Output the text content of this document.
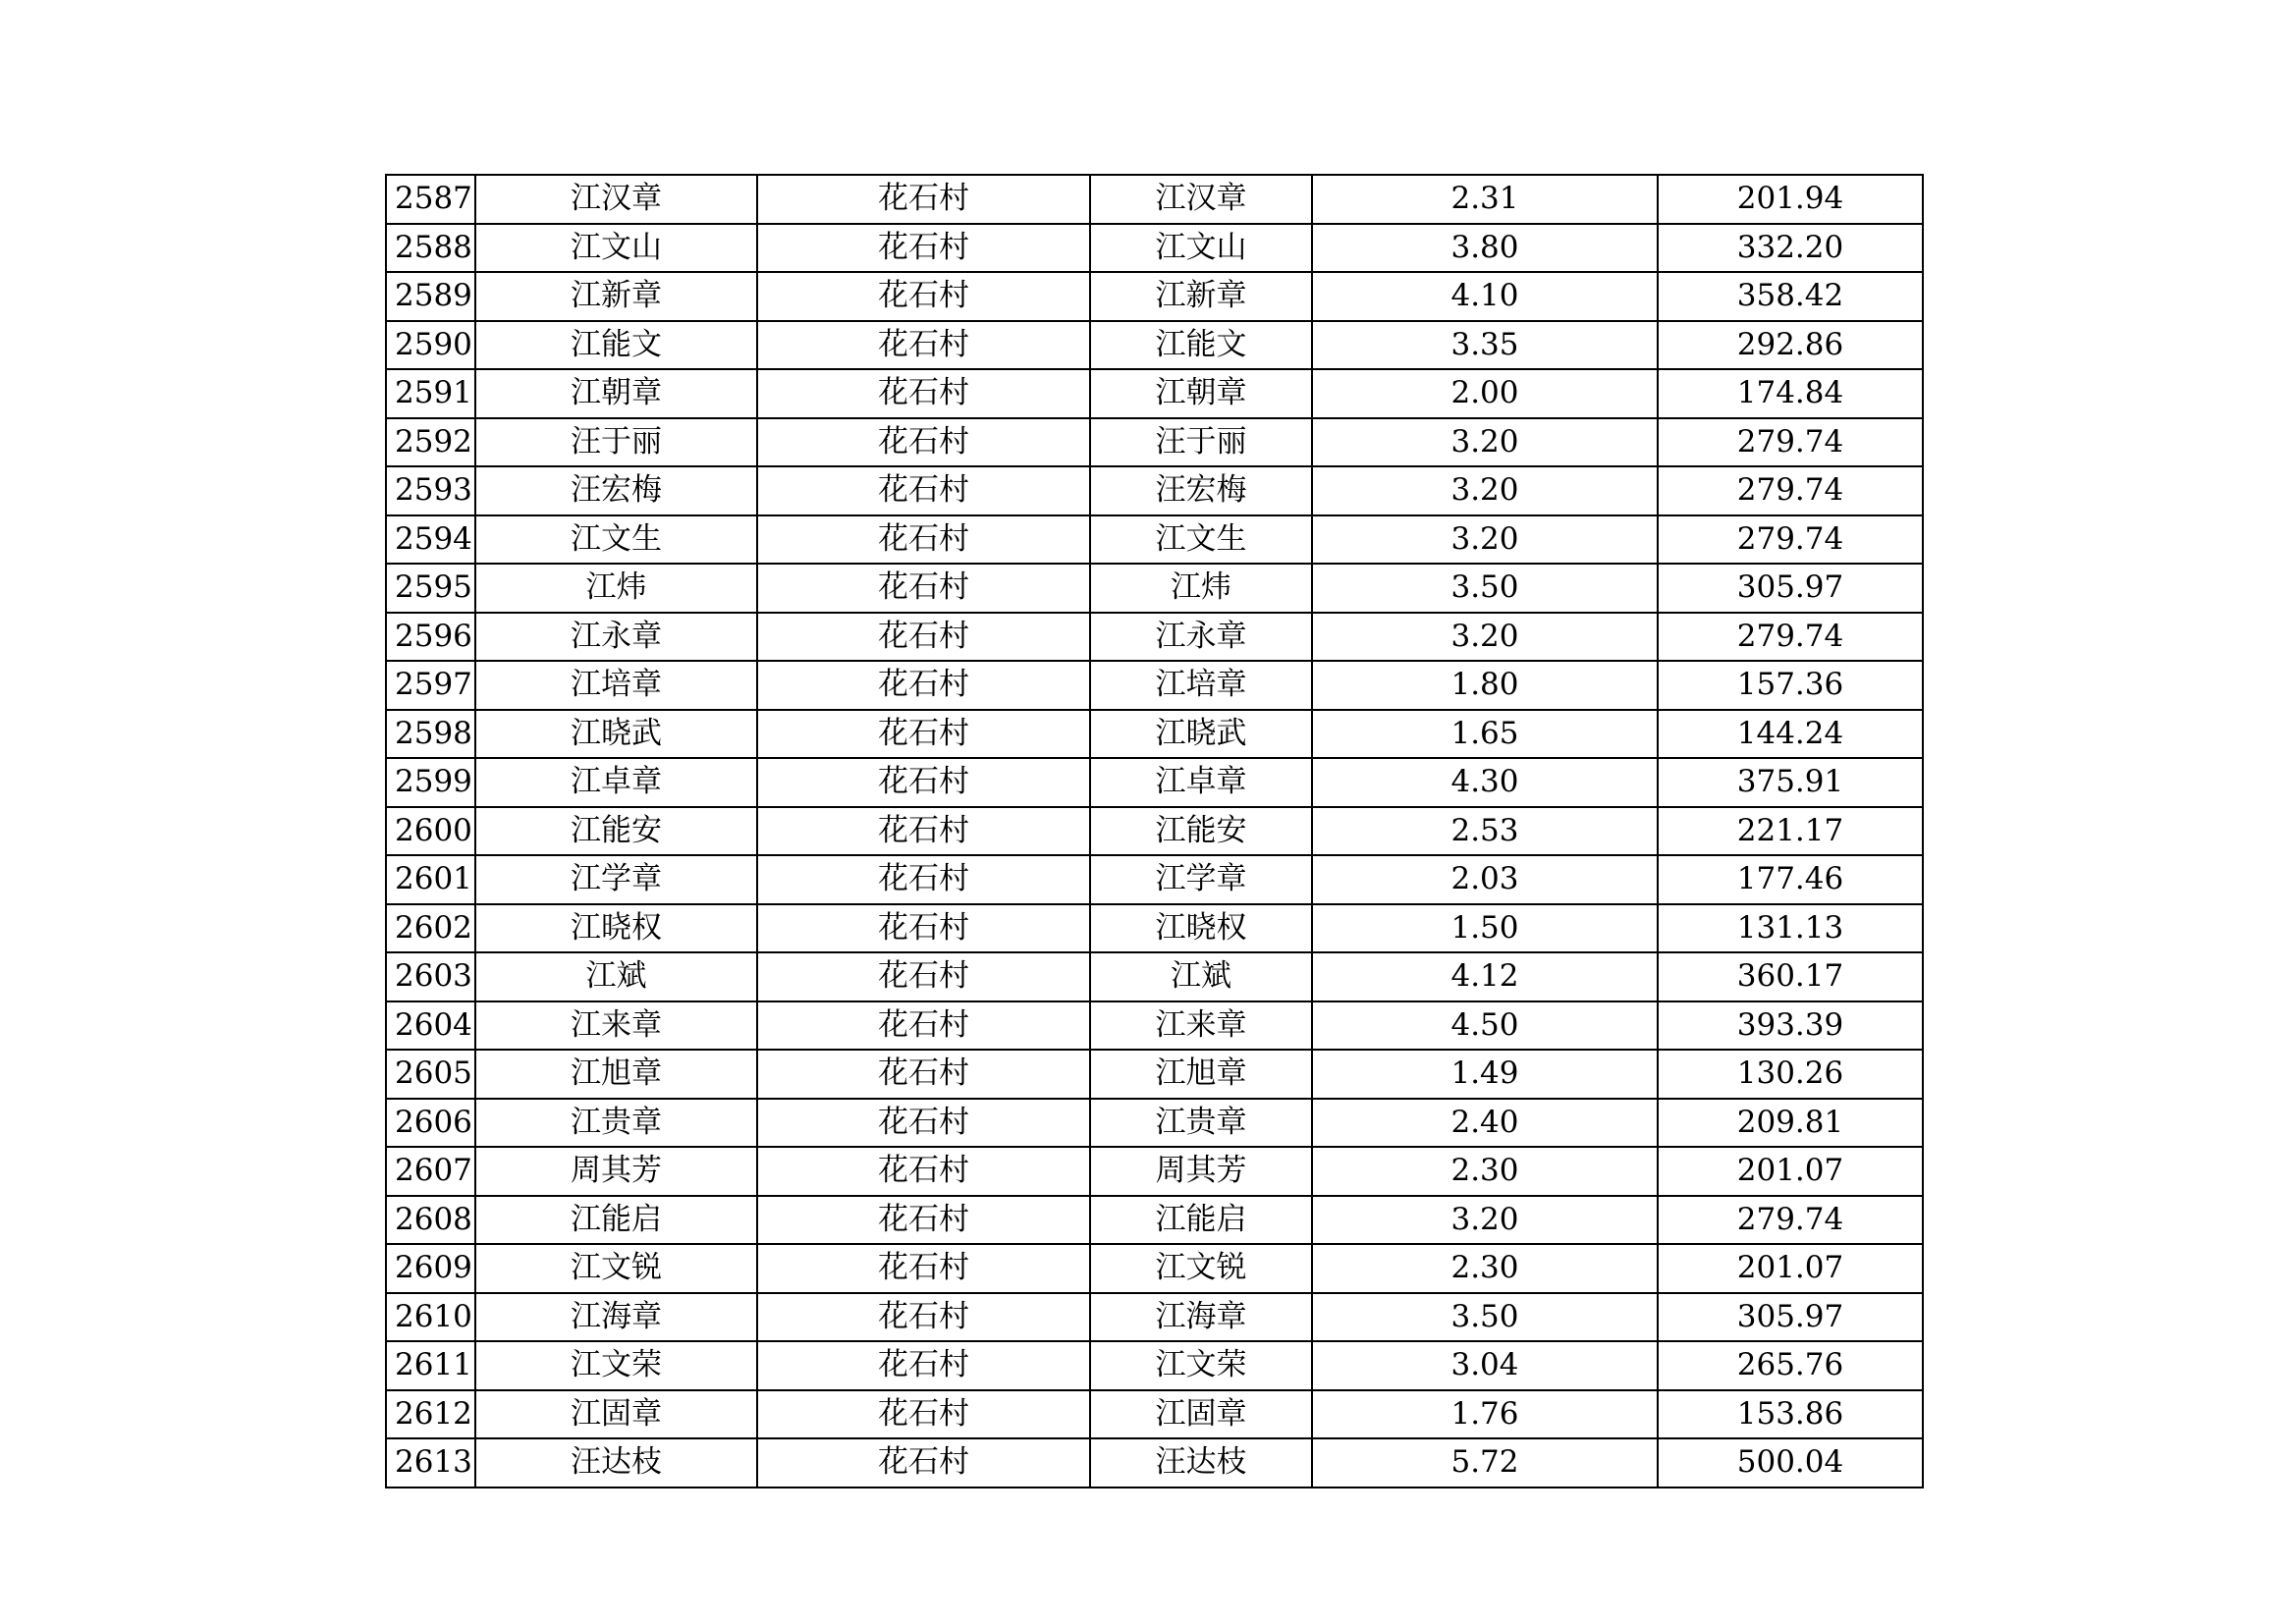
2587	江汉章	花石村	江汉章	2.31	201.94
2588	江文山	花石村	江文山	3.80	332.20
2589	江新章	花石村	江新章	4.10	358.42
2590	江能文	花石村	江能文	3.35	292.86
2591	江朝章	花石村	江朝章	2.00	174.84
2592	汪于丽	花石村	汪于丽	3.20	279.74
2593	汪宏梅	花石村	汪宏梅	3.20	279.74
2594	江文生	花石村	江文生	3.20	279.74
2595	江炜	花石村	江炜	3.50	305.97
2596	江永章	花石村	江永章	3.20	279.74
2597	江培章	花石村	江培章	1.80	157.36
2598	江晓武	花石村	江晓武	1.65	144.24
2599	江卓章	花石村	江卓章	4.30	375.91
2600	江能安	花石村	江能安	2.53	221.17
2601	江学章	花石村	江学章	2.03	177.46
2602	江晓权	花石村	江晓权	1.50	131.13
2603	江斌	花石村	江斌	4.12	360.17
2604	江来章	花石村	江来章	4.50	393.39
2605	江旭章	花石村	江旭章	1.49	130.26
2606	江贵章	花石村	江贵章	2.40	209.81
2607	周其芳	花石村	周其芳	2.30	201.07
2608	江能启	花石村	江能启	3.20	279.74
2609	江文锐	花石村	江文锐	2.30	201.07
2610	江海章	花石村	江海章	3.50	305.97
2611	江文荣	花石村	江文荣	3.04	265.76
2612	江固章	花石村	江固章	1.76	153.86
2613	汪达枝	花石村	汪达枝	5.72	500.04
